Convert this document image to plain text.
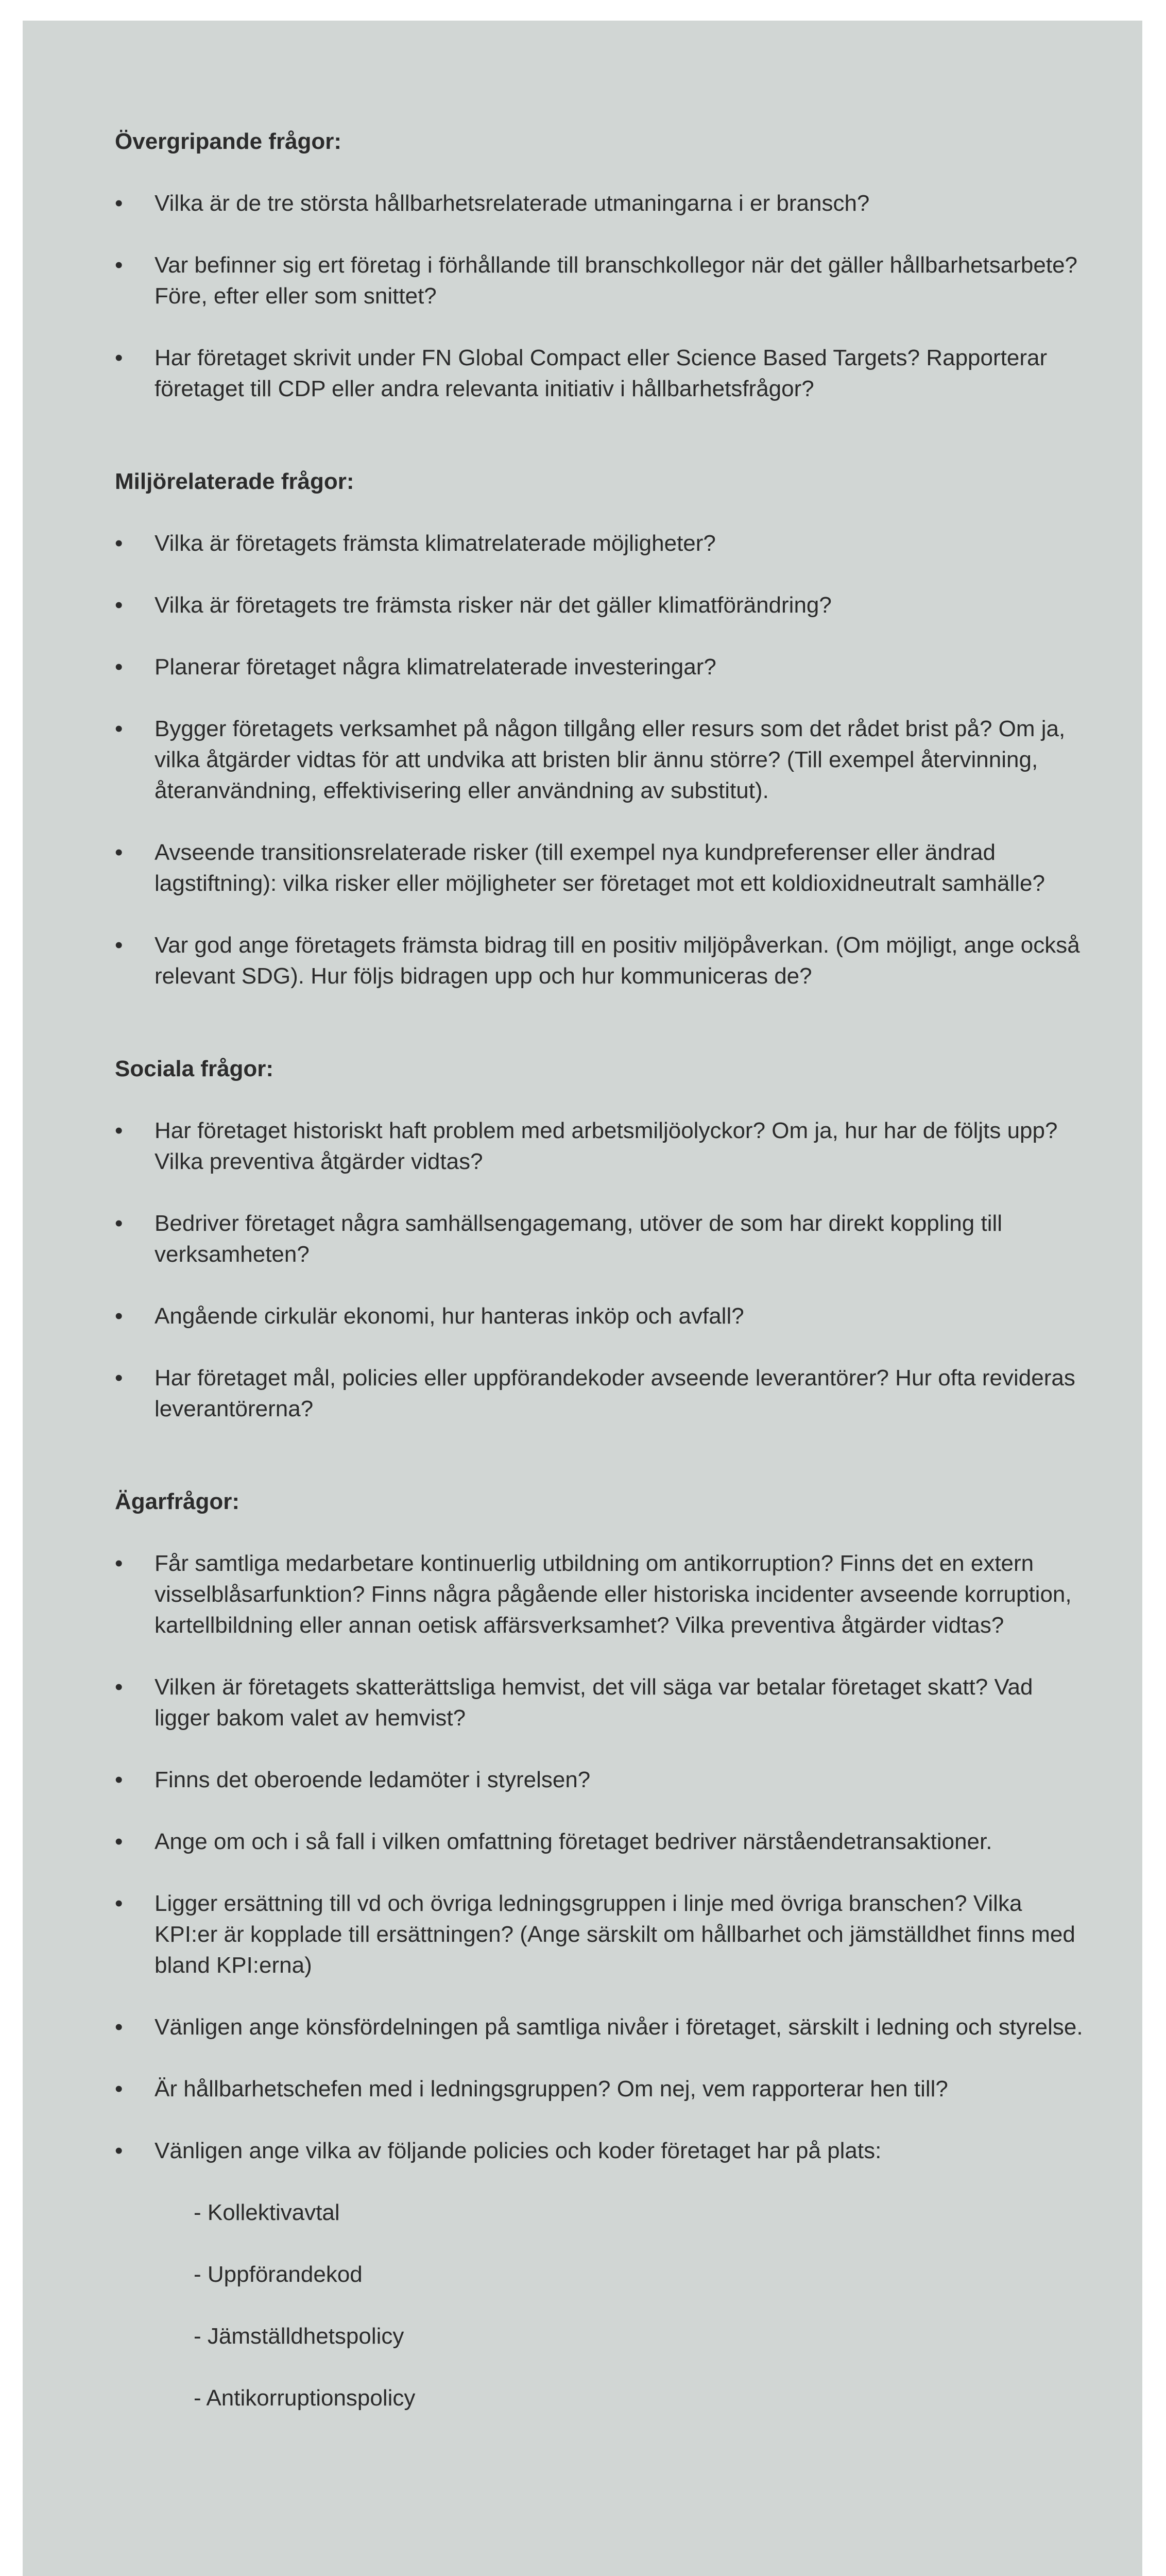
Övergripande frågor:
•	Vilka är de tre största hållbarhetsrelaterade utmaningarna i er bransch?
•	Var befinner sig ert företag i förhållande till branschkollegor när det gäller hållbarhetsarbete? Före, efter eller som snittet?
•	Har företaget skrivit under FN Global Compact eller Science Based Targets? Rapporterar företaget till CDP eller andra relevanta initiativ i hållbarhetsfrågor?
Miljörelaterade frågor:
•	Vilka är företagets främsta klimatrelaterade möjligheter?
•	Vilka är företagets tre främsta risker när det gäller klimatförändring?
•	Planerar företaget några klimatrelaterade investeringar?
•	Bygger företagets verksamhet på någon tillgång eller resurs som det rådet brist på? Om ja, vilka åtgärder vidtas för att undvika att bristen blir ännu större? (Till exempel återvinning, återanvändning, effektivisering eller användning av substitut).
•	Avseende transitionsrelaterade risker (till exempel nya kundpreferenser eller ändrad lagstiftning): vilka risker eller möjligheter ser företaget mot ett koldioxidneutralt samhälle?
•	Var god ange företagets främsta bidrag till en positiv miljöpåverkan. (Om möjligt, ange också relevant SDG). Hur följs bidragen upp och hur kommuniceras de?
Sociala frågor:
•	Har företaget historiskt haft problem med arbetsmiljöolyckor? Om ja, hur har de följts upp? Vilka preventiva åtgärder vidtas?
•	Bedriver företaget några samhällsengagemang, utöver de som har direkt koppling till verksamheten?
•	Angående cirkulär ekonomi, hur hanteras inköp och avfall?
•	Har företaget mål, policies eller uppförandekoder avseende leverantörer? Hur ofta revideras leverantörerna?
Ägarfrågor:
•	Får samtliga medarbetare kontinuerlig utbildning om antikorruption? Finns det en extern visselblåsarfunktion? Finns några pågående eller historiska incidenter avseende korruption, kartellbildning eller annan oetisk affärsverksamhet? Vilka preventiva åtgärder vidtas?
•	Vilken är företagets skatterättsliga hemvist, det vill säga var betalar företaget skatt? Vad ligger bakom valet av hemvist?
•	Finns det oberoende ledamöter i styrelsen?
•	Ange om och i så fall i vilken omfattning företaget bedriver närståendetransaktioner.
•	Ligger ersättning till vd och övriga ledningsgruppen i linje med övriga branschen? Vilka KPI:er är kopplade till ersättningen? (Ange särskilt om hållbarhet och jämställdhet finns med bland KPI:erna)
•	Vänligen ange könsfördelningen på samtliga nivåer i företaget, särskilt i ledning och styrelse.
•	Är hållbarhetschefen med i ledningsgruppen? Om nej, vem rapporterar hen till?
•	Vänligen ange vilka av följande policies och koder företaget har på plats:
- Kollektivavtal
- Uppförandekod
- Jämställdhetspolicy
- Antikorruptionspolicy
